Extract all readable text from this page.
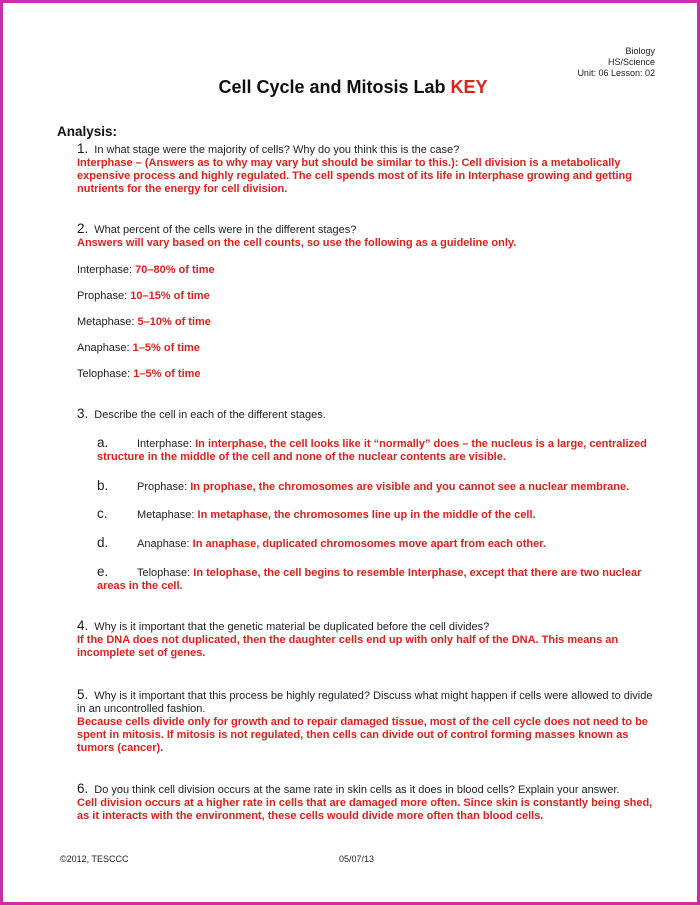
Biology
HS/Science
Unit: 06 Lesson: 02
Cell Cycle and Mitosis Lab KEY
Analysis:
1. In what stage were the majority of cells? Why do you think this is the case?
Interphase – (Answers as to why may vary but should be similar to this.): Cell division is a metabolically expensive process and highly regulated. The cell spends most of its life in Interphase growing and getting nutrients for the energy for cell division.
2. What percent of the cells were in the different stages?
Answers will vary based on the cell counts, so use the following as a guideline only.
Interphase: 70–80% of time
Prophase: 10–15% of time
Metaphase: 5–10% of time
Anaphase: 1–5% of time
Telophase: 1–5% of time
3. Describe the cell in each of the different stages.
a.	Interphase: In interphase, the cell looks like it “normally” does – the nucleus is a large, centralized structure in the middle of the cell and none of the nuclear contents are visible.
b.	Prophase: In prophase, the chromosomes are visible and you cannot see a nuclear membrane.
c.	Metaphase: In metaphase, the chromosomes line up in the middle of the cell.
d.	Anaphase: In anaphase, duplicated chromosomes move apart from each other.
e.	Telophase: In telophase, the cell begins to resemble Interphase, except that there are two nuclear areas in the cell.
4. Why is it important that the genetic material be duplicated before the cell divides?
If the DNA does not duplicated, then the daughter cells end up with only half of the DNA. This means an incomplete set of genes.
5. Why is it important that this process be highly regulated? Discuss what might happen if cells were allowed to divide in an uncontrolled fashion.
Because cells divide only for growth and to repair damaged tissue, most of the cell cycle does not need to be spent in mitosis. If mitosis is not regulated, then cells can divide out of control forming masses known as tumors (cancer).
6. Do you think cell division occurs at the same rate in skin cells as it does in blood cells? Explain your answer.
Cell division occurs at a higher rate in cells that are damaged more often. Since skin is constantly being shed, as it interacts with the environment, these cells would divide more often than blood cells.
©2012, TESCCC	05/07/13
